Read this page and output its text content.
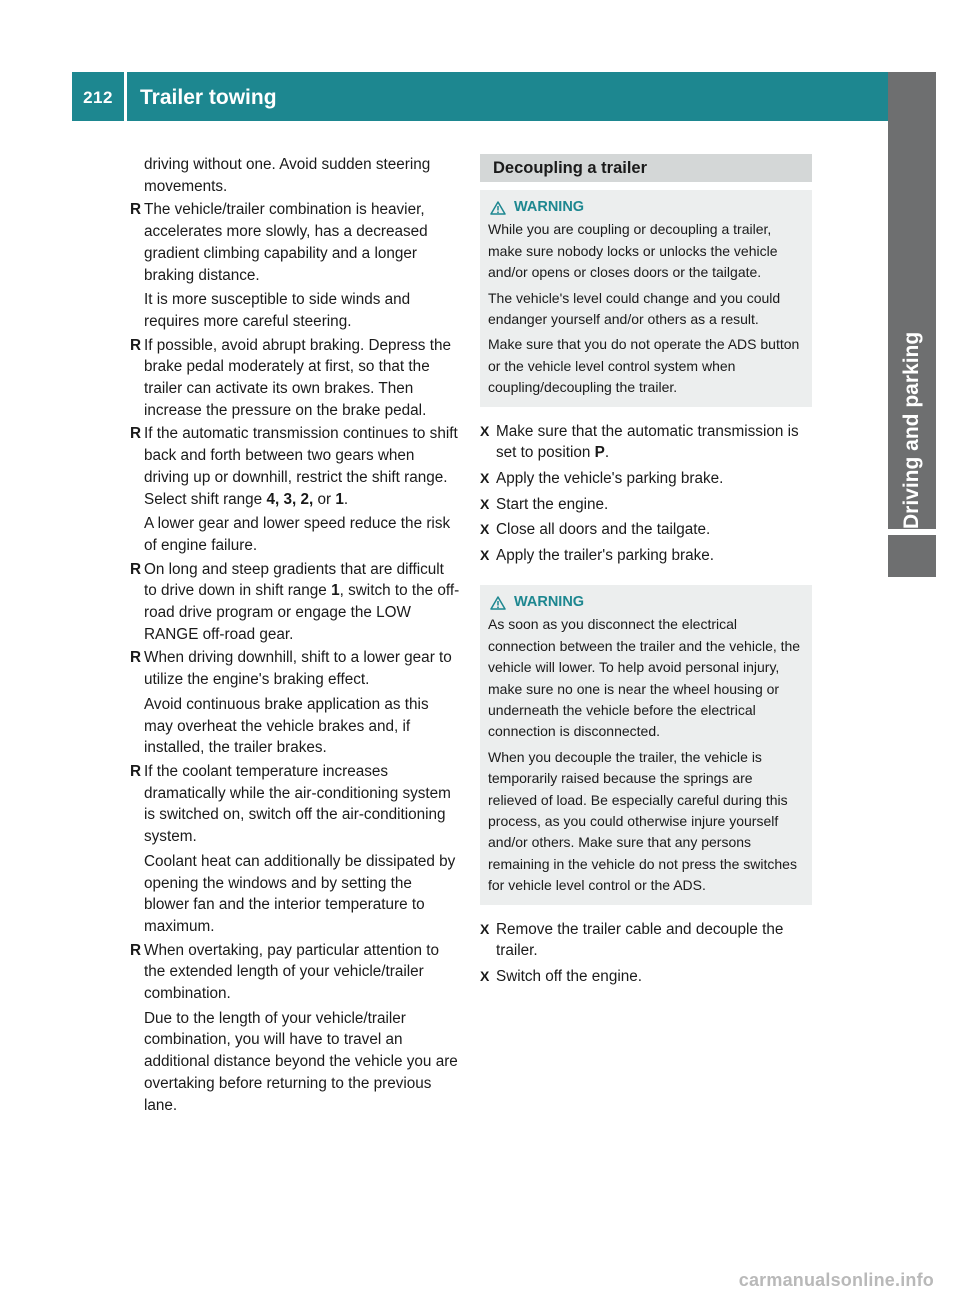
212	Trailer towing
Driving and parking

driving without one. Avoid sudden steering movements.

R The vehicle/trailer combination is heavier, accelerates more slowly, has a decreased gradient climbing capability and a longer braking distance.

It is more susceptible to side winds and requires more careful steering.

R If possible, avoid abrupt braking. Depress the brake pedal moderately at first, so that the trailer can activate its own brakes. Then increase the pressure on the brake pedal.

R If the automatic transmission continues to shift back and forth between two gears when driving up or downhill, restrict the shift range. Select shift range 4, 3, 2, or 1.

A lower gear and lower speed reduce the risk of engine failure.

R On long and steep gradients that are difficult to drive down in shift range 1, switch to the off-road drive program or engage the LOW RANGE off-road gear.

R When driving downhill, shift to a lower gear to utilize the engine's braking effect.

Avoid continuous brake application as this may overheat the vehicle brakes and, if installed, the trailer brakes.

R If the coolant temperature increases dramatically while the air-conditioning system is switched on, switch off the air-conditioning system.

Coolant heat can additionally be dissipated by opening the windows and by setting the blower fan and the interior temperature to maximum.

R When overtaking, pay particular attention to the extended length of your vehicle/trailer combination.

Due to the length of your vehicle/trailer combination, you will have to travel an additional distance beyond the vehicle you are overtaking before returning to the previous lane.

Decoupling a trailer
WARNING

While you are coupling or decoupling a trailer, make sure nobody locks or unlocks the vehicle and/or opens or closes doors or the tailgate.

The vehicle's level could change and you could endanger yourself and/or others as a result.

Make sure that you do not operate the ADS button or the vehicle level control system when coupling/decoupling the trailer.

X Make sure that the automatic transmission is set to position P.

X Apply the vehicle's parking brake.

X Start the engine.

X Close all doors and the tailgate.

X Apply the trailer's parking brake.

WARNING

As soon as you disconnect the electrical connection between the trailer and the vehicle, the vehicle will lower. To help avoid personal injury, make sure no one is near the wheel housing or underneath the vehicle before the electrical connection is disconnected.

When you decouple the trailer, the vehicle is temporarily raised because the springs are relieved of load. Be especially careful during this process, as you could otherwise injure yourself and/or others. Make sure that any persons remaining in the vehicle do not press the switches for vehicle level control or the ADS.

X Remove the trailer cable and decouple the trailer.

X Switch off the engine.

carmanualsonline.info
